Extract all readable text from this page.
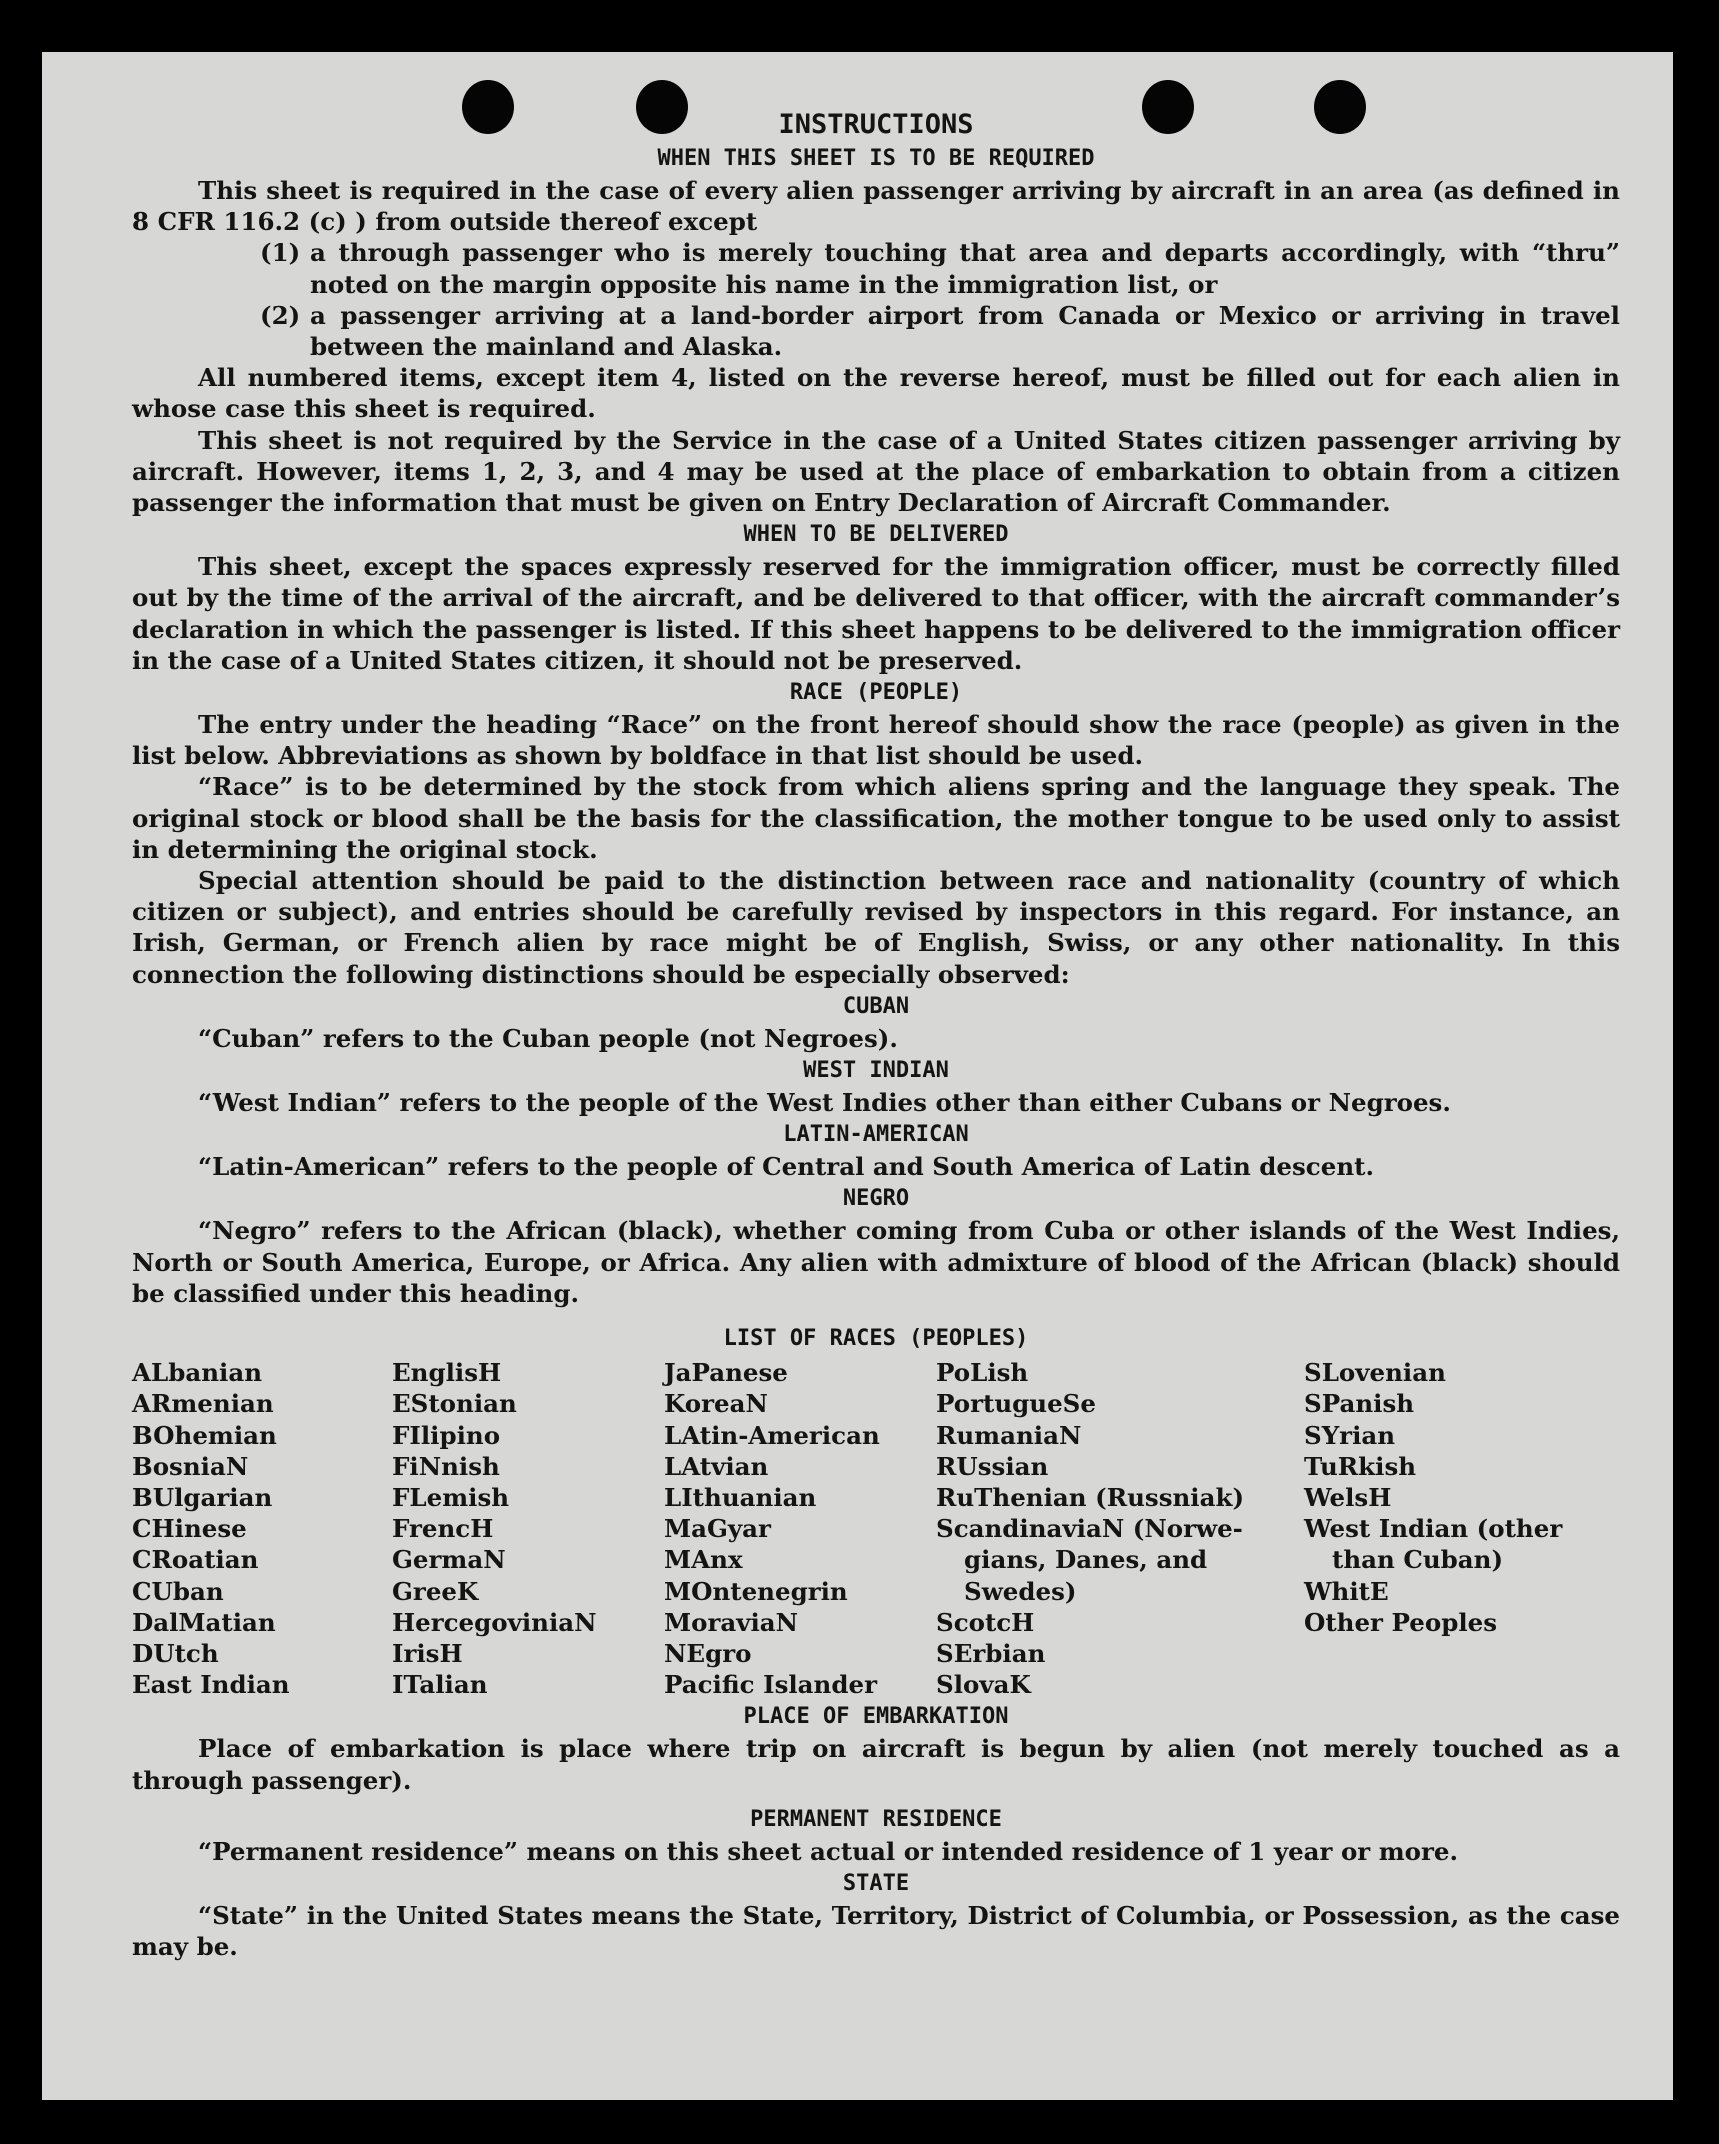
INSTRUCTIONS
WHEN THIS SHEET IS TO BE REQUIRED

This sheet is required in the case of every alien passenger arriving by aircraft in an area (as defined in 8 CFR 116.2 (c) ) from outside thereof except

(1) a through passenger who is merely touching that area and departs accordingly, with “thru” noted on the margin opposite his name in the immigration list, or
(2) a passenger arriving at a land-border airport from Canada or Mexico or arriving in travel between the mainland and Alaska.

All numbered items, except item 4, listed on the reverse hereof, must be filled out for each alien in whose case this sheet is required.

This sheet is not required by the Service in the case of a United States citizen passenger arriving by aircraft. However, items 1, 2, 3, and 4 may be used at the place of embarkation to obtain from a citizen passenger the information that must be given on Entry Declaration of Aircraft Commander.

WHEN TO BE DELIVERED

This sheet, except the spaces expressly reserved for the immigration officer, must be correctly filled out by the time of the arrival of the aircraft, and be delivered to that officer, with the aircraft commander’s declaration in which the passenger is listed. If this sheet happens to be delivered to the immigration officer in the case of a United States citizen, it should not be preserved.

RACE (PEOPLE)

The entry under the heading “Race” on the front hereof should show the race (people) as given in the list below. Abbreviations as shown by boldface in that list should be used.

“Race” is to be determined by the stock from which aliens spring and the language they speak. The original stock or blood shall be the basis for the classification, the mother tongue to be used only to assist in determining the original stock.

Special attention should be paid to the distinction between race and nationality (country of which citizen or subject), and entries should be carefully revised by inspectors in this regard. For instance, an Irish, German, or French alien by race might be of English, Swiss, or any other nationality. In this connection the following distinctions should be especially observed:

CUBAN

“Cuban” refers to the Cuban people (not Negroes).

WEST INDIAN

“West Indian” refers to the people of the West Indies other than either Cubans or Negroes.

LATIN-AMERICAN

“Latin-American” refers to the people of Central and South America of Latin descent.

NEGRO

“Negro” refers to the African (black), whether coming from Cuba or other islands of the West Indies, North or South America, Europe, or Africa. Any alien with admixture of blood of the African (black) should be classified under this heading.

LIST OF RACES (PEOPLES)
ALbanian
ARmenian
BOhemian
BosniaN
BUlgarian
CHinese
CRoatian
CUban
DalMatian
DUtch
East Indian
EnglisH
EStonian
FIlipino
FiNnish
FLemish
FrencH
GermaN
GreeK
HercegoviniaN
IrisH
ITalian
JaPanese
KoreaN
LAtin-American
LAtvian
LIthuanian
MaGyar
MAnx
MOntenegrin
MoraviaN
NEgro
Pacific Islander
PoLish
PortugueSe
RumaniaN
RUssian
RuThenian (Russniak)
ScandinaviaN (Norwe-
gians, Danes, and
Swedes)
ScotcH
SErbian
SlovaK
SLovenian
SPanish
SYrian
TuRkish
WelsH
West Indian (other
than Cuban)
WhitE
Other Peoples
PLACE OF EMBARKATION

Place of embarkation is place where trip on aircraft is begun by alien (not merely touched as a through passenger).

PERMANENT RESIDENCE

“Permanent residence” means on this sheet actual or intended residence of 1 year or more.

STATE

“State” in the United States means the State, Territory, District of Columbia, or Possession, as the case may be.
